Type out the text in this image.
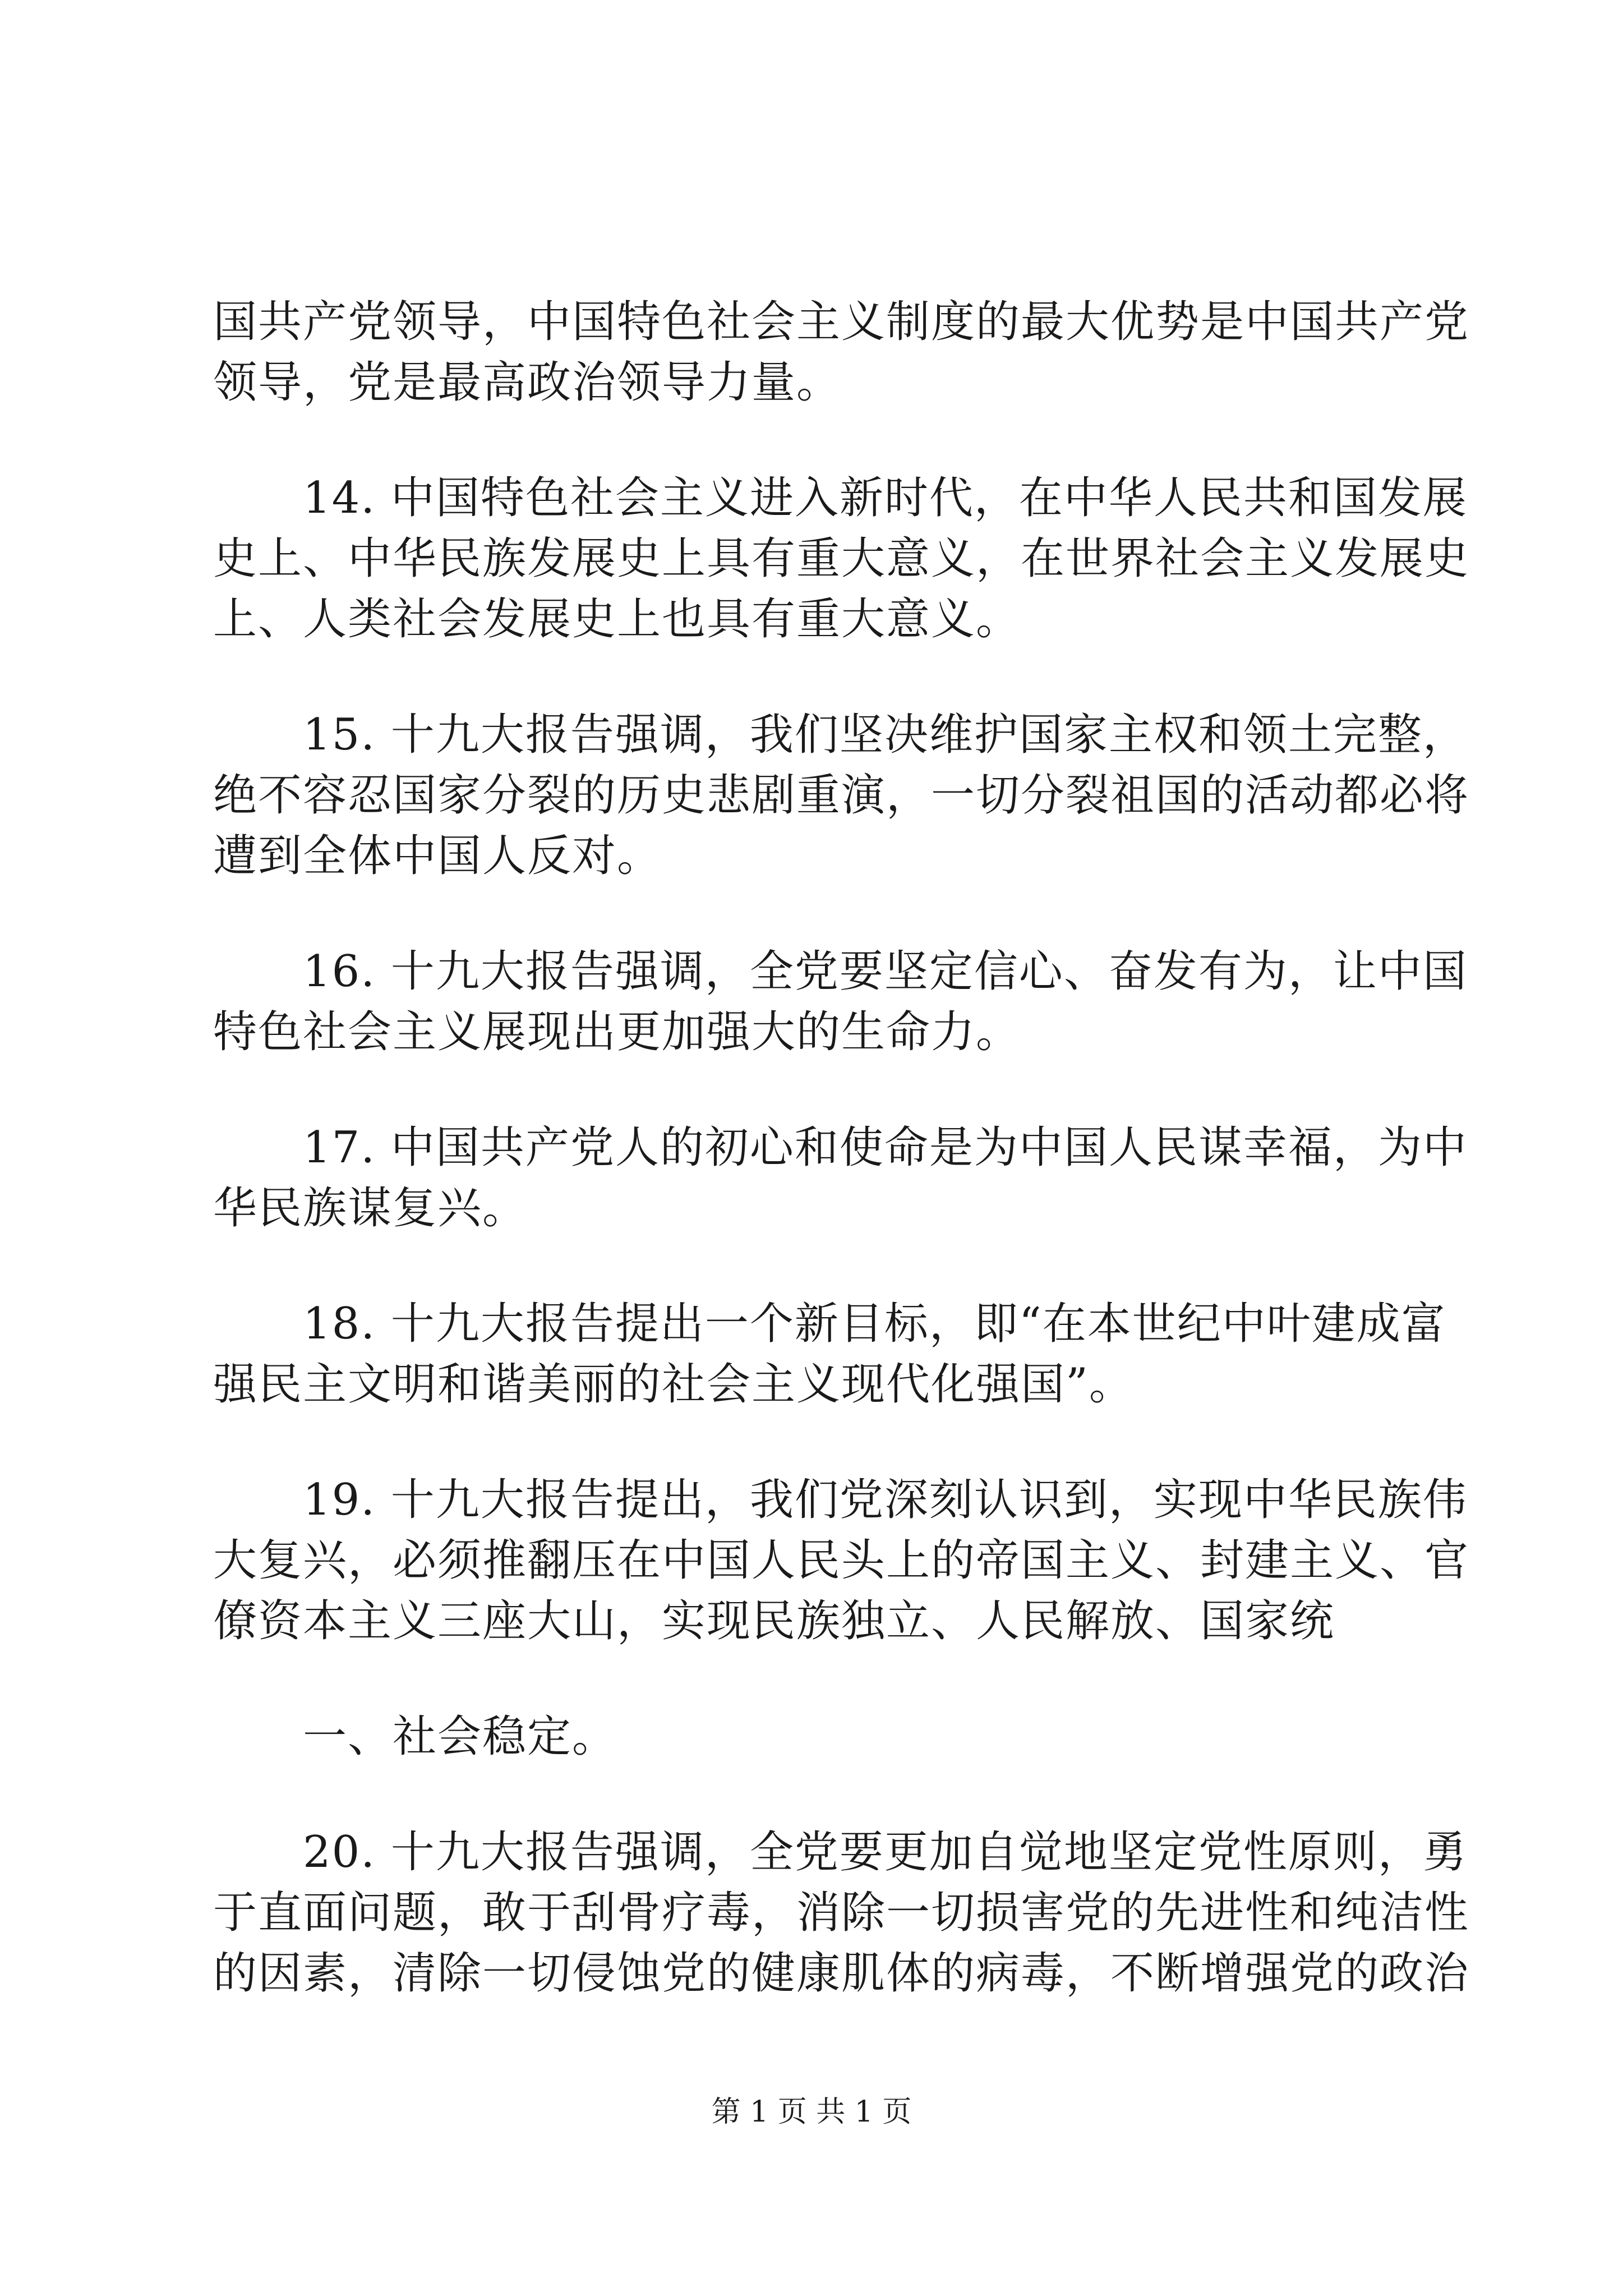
国共产党领导，中国特色社会主义制度的最大优势是中国共产党
领导，党是最高政治领导力量。
14. 中国特色社会主义进入新时代，在中华人民共和国发展
史上、中华民族发展史上具有重大意义，在世界社会主义发展史
上、人类社会发展史上也具有重大意义。
15. 十九大报告强调，我们坚决维护国家主权和领土完整，
绝不容忍国家分裂的历史悲剧重演，一切分裂祖国的活动都必将
遭到全体中国人反对。
16. 十九大报告强调，全党要坚定信心、奋发有为，让中国
特色社会主义展现出更加强大的生命力。
17. 中国共产党人的初心和使命是为中国人民谋幸福，为中
华民族谋复兴。
18. 十九大报告提出一个新目标，即“在本世纪中叶建成富
强民主文明和谐美丽的社会主义现代化强国”。
19. 十九大报告提出，我们党深刻认识到，实现中华民族伟
大复兴，必须推翻压在中国人民头上的帝国主义、封建主义、官
僚资本主义三座大山，实现民族独立、人民解放、国家统
一、社会稳定。
20. 十九大报告强调，全党要更加自觉地坚定党性原则，勇
于直面问题，敢于刮骨疗毒，消除一切损害党的先进性和纯洁性
的因素，清除一切侵蚀党的健康肌体的病毒，不断增强党的政治
第 1 页 共 1 页
